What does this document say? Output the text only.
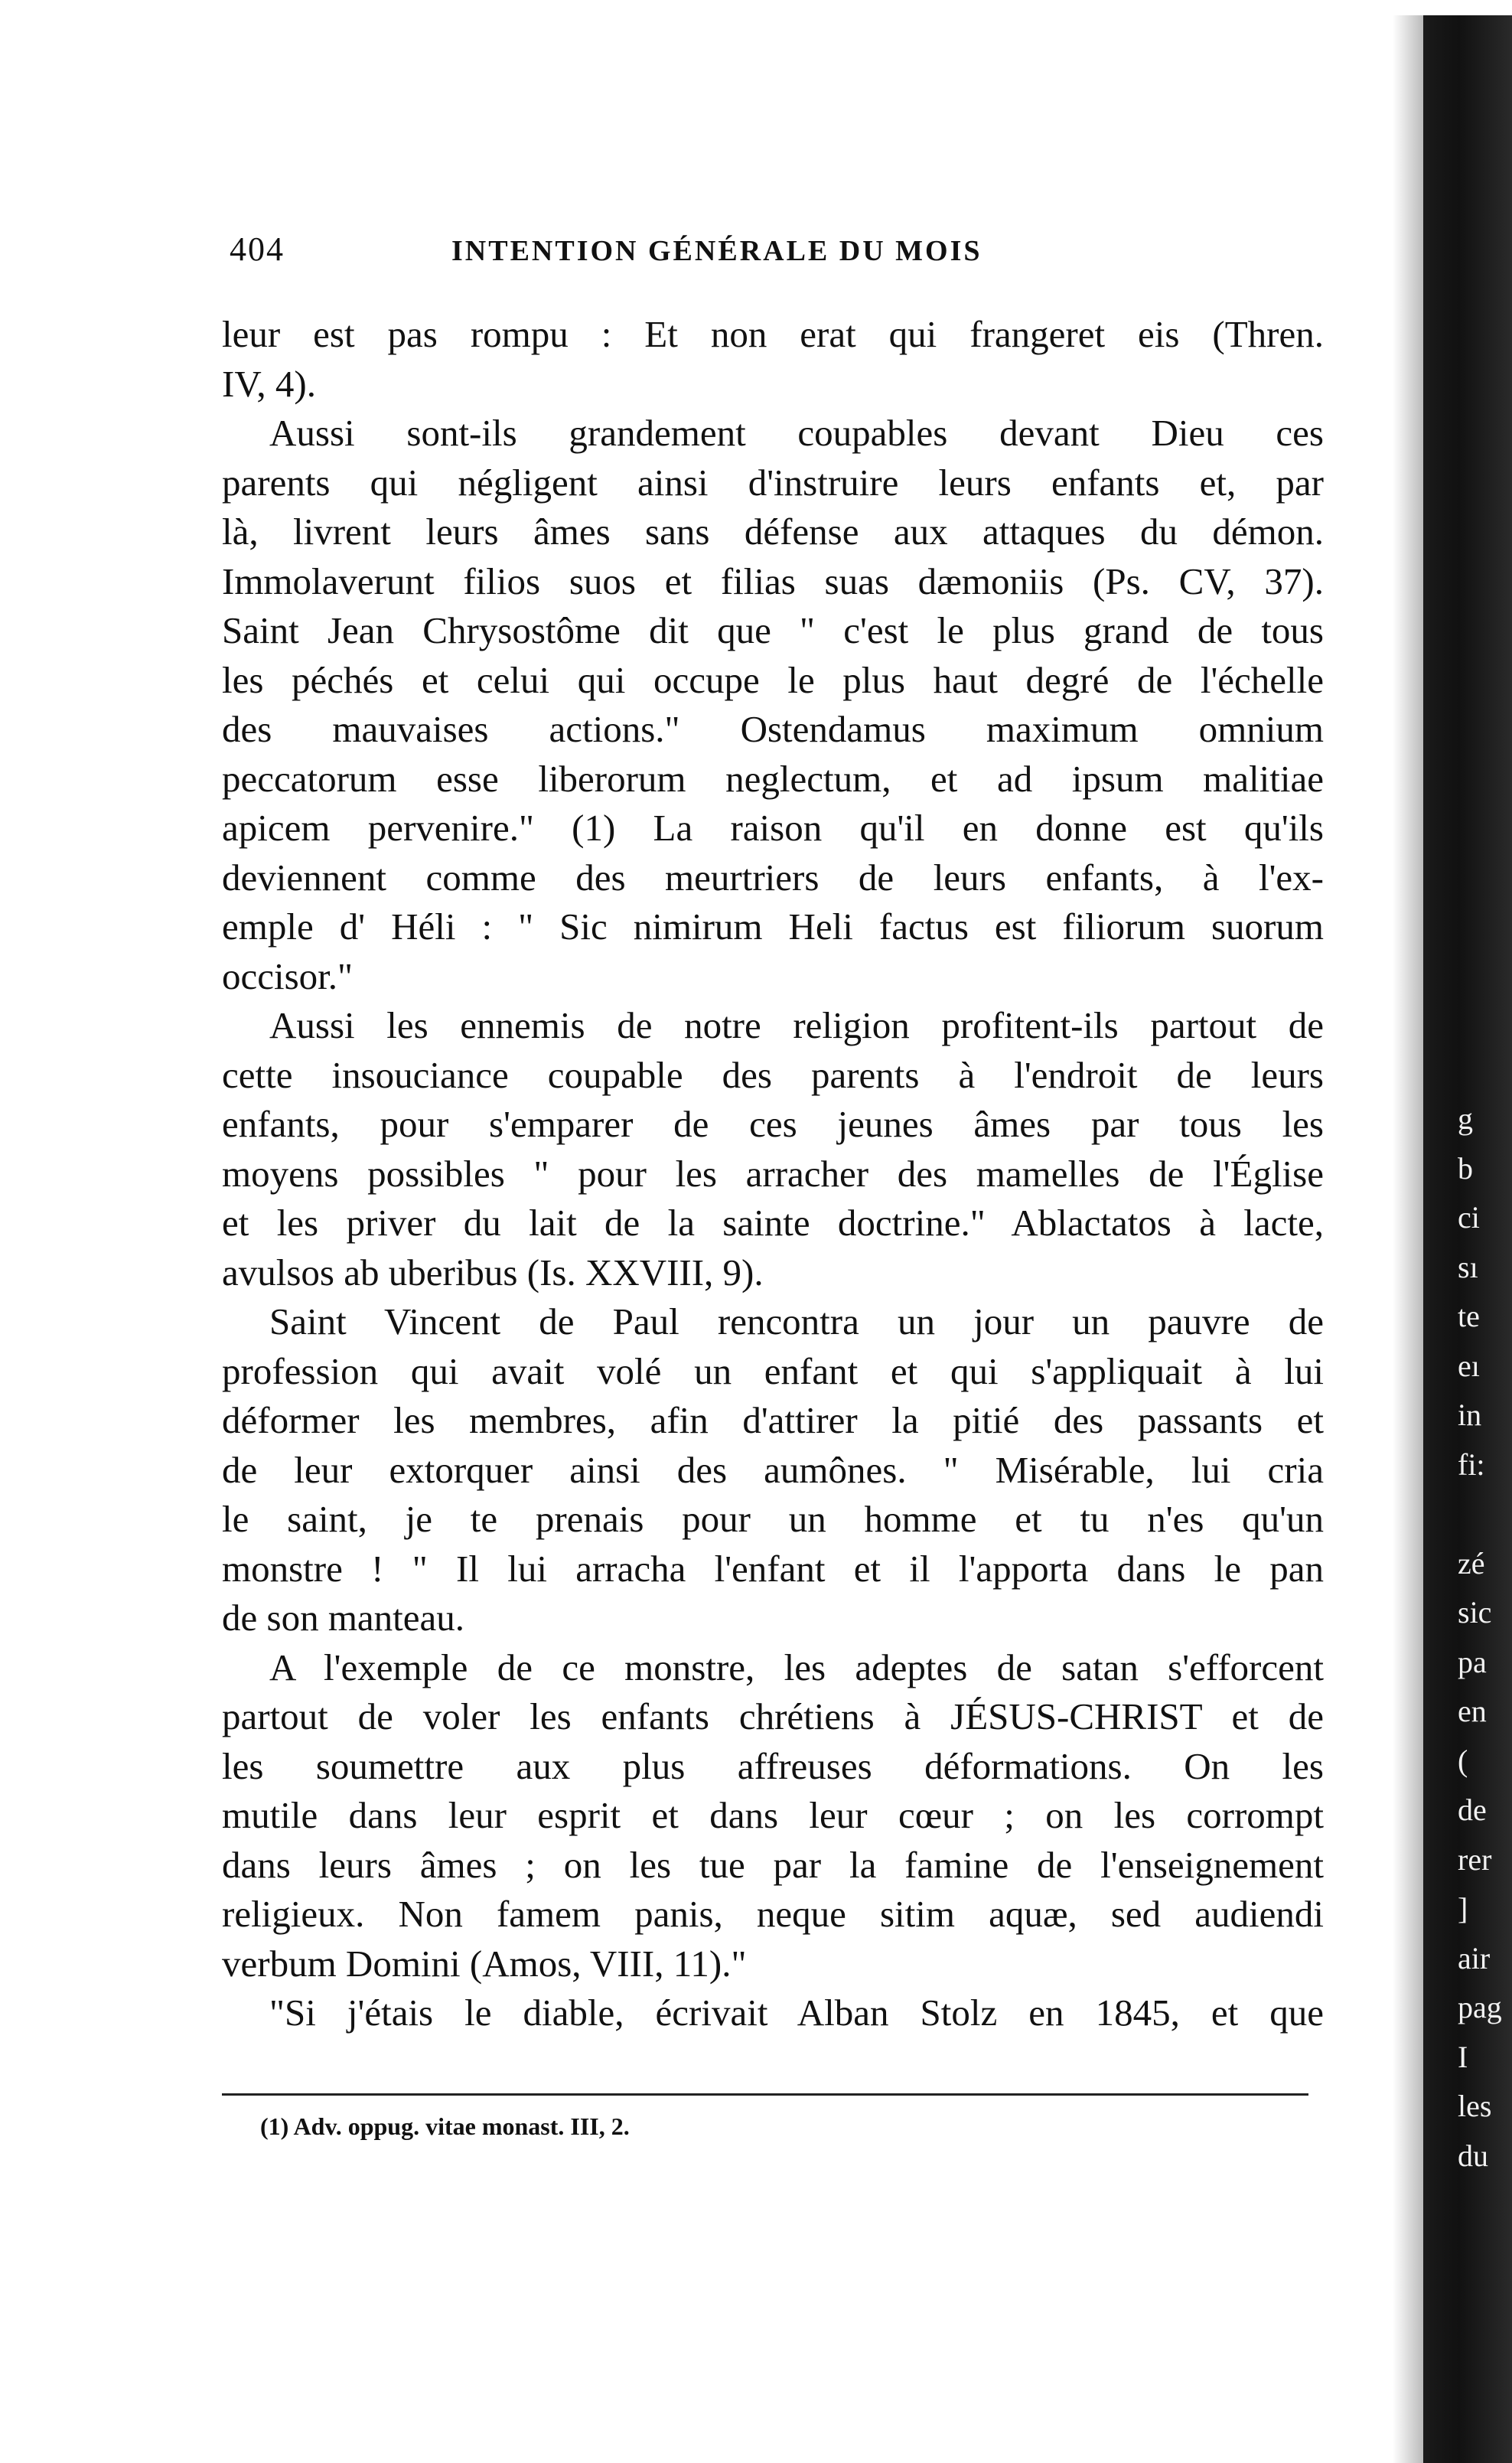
404	INTENTION GÉNÉRALE DU MOIS
leur est pas rompu : Et non erat qui frangeret eis (Thren.
IV, 4).
Aussi sont-ils grandement coupables devant Dieu ces
parents qui négligent ainsi d'instruire leurs enfants et, par
là, livrent leurs âmes sans défense aux attaques du démon.
Immolaverunt filios suos et filias suas dæmoniis (Ps. CV, 37).
Saint Jean Chrysostôme dit que " c'est le plus grand de tous
les péchés et celui qui occupe le plus haut degré de l'échelle
des mauvaises actions." Ostendamus maximum omnium
peccatorum esse liberorum neglectum, et ad ipsum malitiae
apicem pervenire." (1) La raison qu'il en donne est qu'ils
deviennent comme des meurtriers de leurs enfants, à l'ex-
emple d' Héli : " Sic nimirum Heli factus est filiorum suorum
occisor."
Aussi les ennemis de notre religion profitent-ils partout de
cette insouciance coupable des parents à l'endroit de leurs
enfants, pour s'emparer de ces jeunes âmes par tous les
moyens possibles " pour les arracher des mamelles de l'Église
et les priver du lait de la sainte doctrine." Ablactatos à lacte,
avulsos ab uberibus (Is. XXVIII, 9).
Saint Vincent de Paul rencontra un jour un pauvre de
profession qui avait volé un enfant et qui s'appliquait à lui
déformer les membres, afin d'attirer la pitié des passants et
de leur extorquer ainsi des aumônes. " Misérable, lui cria
le saint, je te prenais pour un homme et tu n'es qu'un
monstre ! " Il lui arracha l'enfant et il l'apporta dans le pan
de son manteau.
A l'exemple de ce monstre, les adeptes de satan s'efforcent
partout de voler les enfants chrétiens à JÉSUS-CHRIST et de
les soumettre aux plus affreuses déformations. On les
mutile dans leur esprit et dans leur cœur ; on les corrompt
dans leurs âmes ; on les tue par la famine de l'enseignement
religieux. Non famem panis, neque sitim aquæ, sed audiendi
verbum Domini (Amos, VIII, 11)."
"Si j'étais le diable, écrivait Alban Stolz en 1845, et que
(1) Adv. oppug. vitae monast. III, 2.
g
b
ci
sı
te
eı
in
fi:
zé
sic
pa
en
(
de
rer
]
air
pag
I
les
du
